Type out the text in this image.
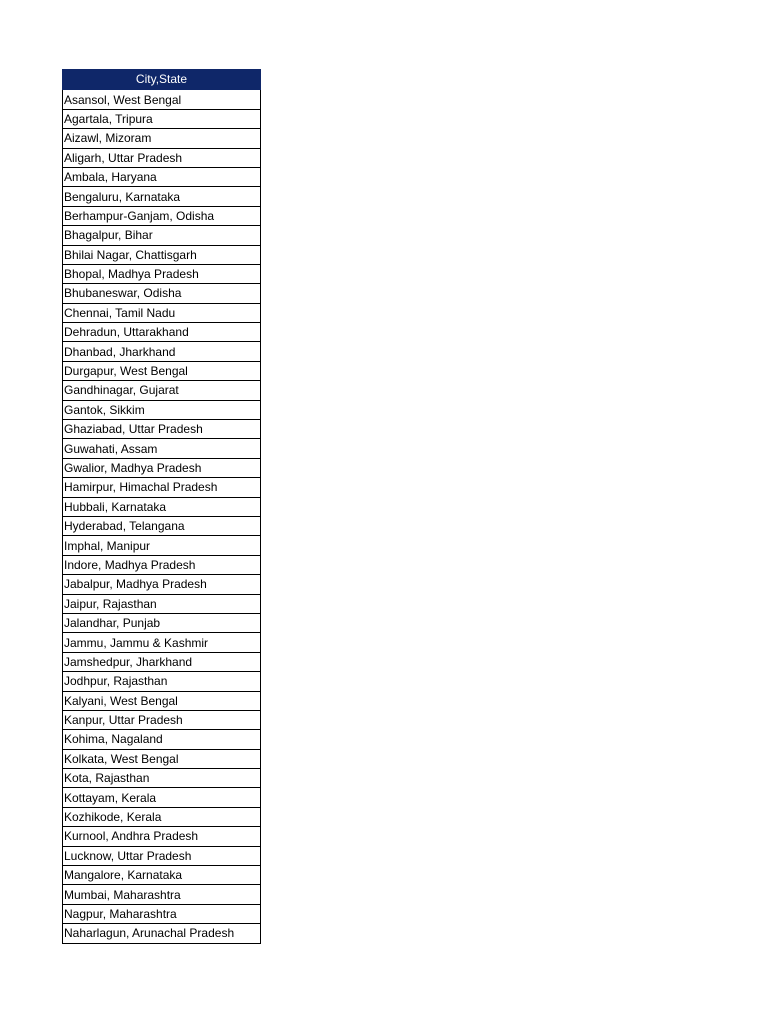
City,State
Asansol, West Bengal
Agartala, Tripura
Aizawl, Mizoram
Aligarh, Uttar Pradesh
Ambala, Haryana
Bengaluru, Karnataka
Berhampur-Ganjam, Odisha
Bhagalpur, Bihar
Bhilai Nagar, Chattisgarh
Bhopal, Madhya Pradesh
Bhubaneswar, Odisha
Chennai, Tamil Nadu
Dehradun, Uttarakhand
Dhanbad, Jharkhand
Durgapur, West Bengal
Gandhinagar, Gujarat
Gantok, Sikkim
Ghaziabad, Uttar Pradesh
Guwahati, Assam
Gwalior, Madhya Pradesh
Hamirpur, Himachal Pradesh
Hubbali, Karnataka
Hyderabad, Telangana
Imphal, Manipur
Indore, Madhya Pradesh
Jabalpur, Madhya Pradesh
Jaipur, Rajasthan
Jalandhar, Punjab
Jammu, Jammu & Kashmir
Jamshedpur, Jharkhand
Jodhpur, Rajasthan
Kalyani, West Bengal
Kanpur, Uttar Pradesh
Kohima, Nagaland
Kolkata, West Bengal
Kota, Rajasthan
Kottayam, Kerala
Kozhikode, Kerala
Kurnool, Andhra Pradesh
Lucknow, Uttar Pradesh
Mangalore, Karnataka
Mumbai, Maharashtra
Nagpur, Maharashtra
Naharlagun, Arunachal Pradesh
